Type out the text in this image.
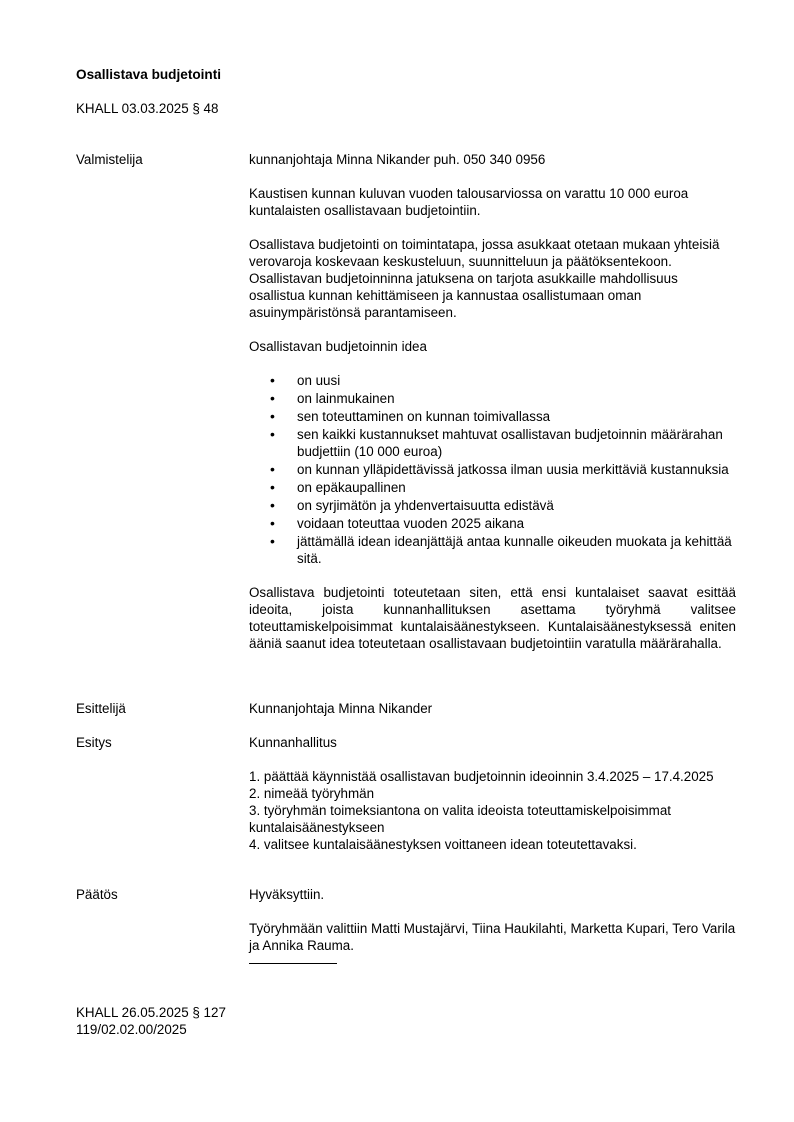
Osallistava budjetointi
KHALL 03.03.2025 § 48
Valmistelija	kunnanjohtaja Minna Nikander puh. 050 340 0956

Kaustisen kunnan kuluvan vuoden talousarviossa on varattu 10 000 euroa kuntalaisten osallistavaan budjetointiin.

Osallistava budjetointi on toimintatapa, jossa asukkaat otetaan mukaan yhteisiä verovaroja koskevaan keskusteluun, suunnitteluun ja päätöksentekoon. Osallistavan budjetoinninna jatuksena on tarjota asukkaille mahdollisuus osallistua kunnan kehittämiseen ja kannustaa osallistumaan oman asuinympäristönsä parantamiseen.

Osallistavan budjetoinnin idea

• on uusi
• on lainmukainen
• sen toteuttaminen on kunnan toimivallassa
• sen kaikki kustannukset mahtuvat osallistavan budjetoinnin määrärahan budjettiin (10 000 euroa)
• on kunnan ylläpidettävissä jatkossa ilman uusia merkittäviä kustannuksia
• on epäkaupallinen
• on syrjimätön ja yhdenvertaisuutta edistävä
• voidaan toteuttaa vuoden 2025 aikana
• jättämällä idean ideanjättäjä antaa kunnalle oikeuden muokata ja kehittää sitä.

Osallistava budjetointi toteutetaan siten, että ensi kuntalaiset saavat esittää ideoita, joista kunnanhallituksen asettama työryhmä valitsee toteuttamiskelpoisimmat kuntalaisäänestykseen. Kuntalaisäänestyksessä eniten ääniä saanut idea toteutetaan osallistavaan budjetointiin varatulla määrärahalla.

Esittelijä	Kunnanjohtaja Minna Nikander
Esitys	Kunnanhallitus

1. päättää käynnistää osallistavan budjetoinnin ideoinnin 3.4.2025 – 17.4.2025
2. nimeää työryhmän
3. työryhmän toimeksiantona on valita ideoista toteuttamiskelpoisimmat kuntalaisäänestykseen
4. valitsee kuntalaisäänestyksen voittaneen idean toteutettavaksi.
Päätös	Hyväksyttiin.

Työryhmään valittiin Matti Mustajärvi, Tiina Haukilahti, Marketta Kupari, Tero Varila ja Annika Rauma.
KHALL 26.05.2025 § 127
119/02.02.00/2025
